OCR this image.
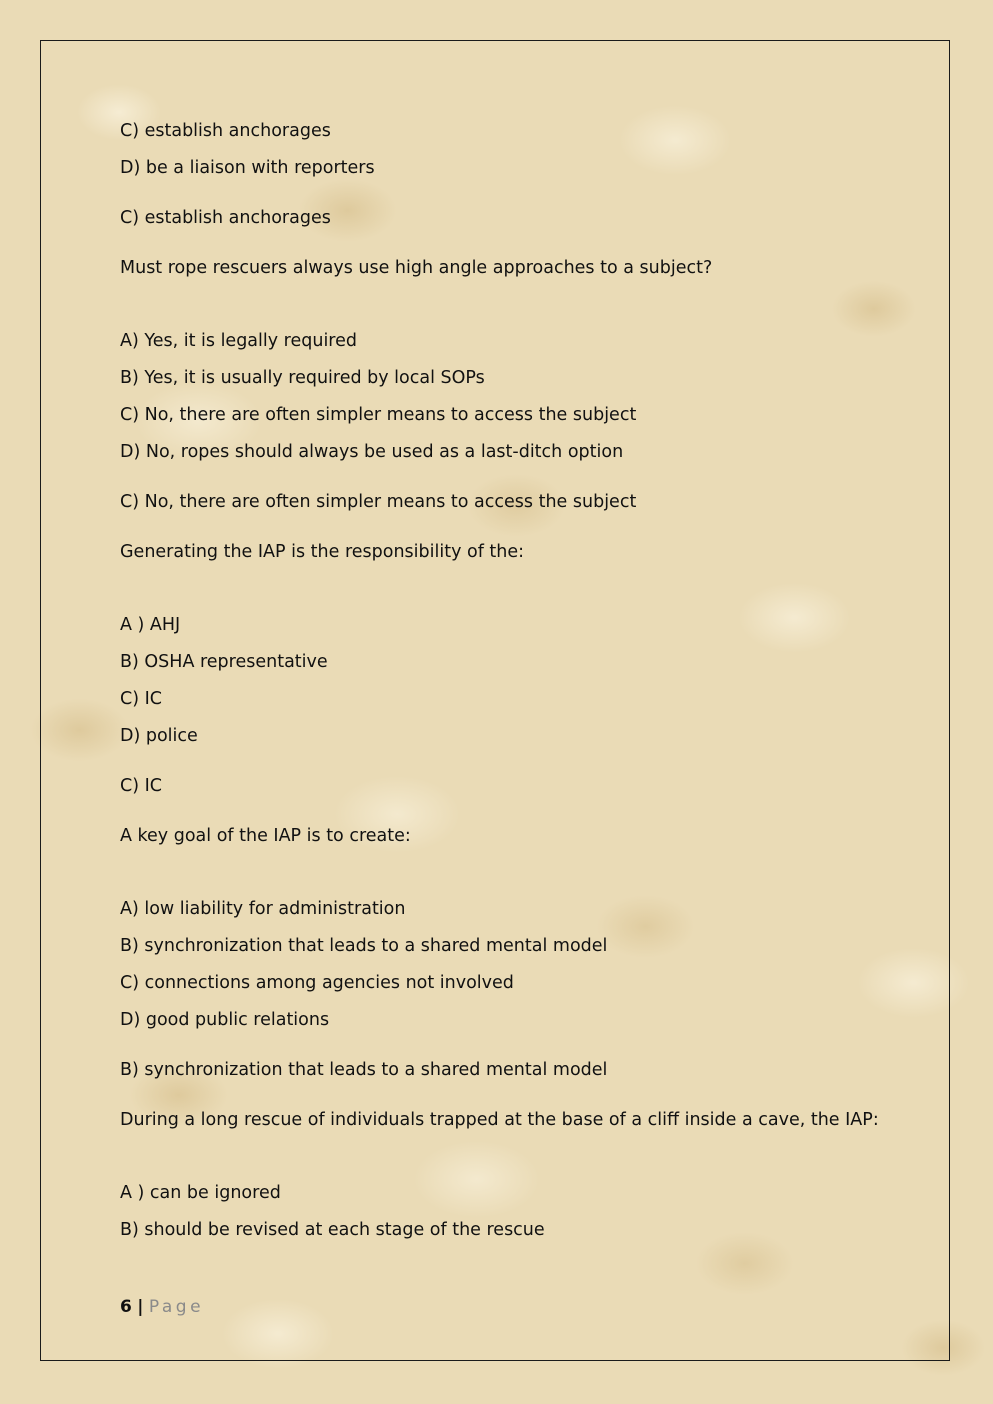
C) establish anchorages
D) be a liaison with reporters
C) establish anchorages
Must rope rescuers always use high angle approaches to a subject?
A) Yes, it is legally required
B) Yes, it is usually required by local SOPs
C) No, there are often simpler means to access the subject
D) No, ropes should always be used as a last-ditch option
C) No, there are often simpler means to access the subject
Generating the IAP is the responsibility of the:
A ) AHJ
B) OSHA representative
C) IC
D) police
C) IC
A key goal of the IAP is to create:
A) low liability for administration
B) synchronization that leads to a shared mental model
C) connections among agencies not involved
D) good public relations
B) synchronization that leads to a shared mental model
During a long rescue of individuals trapped at the base of a cliff inside a cave, the IAP:
A ) can be ignored
B) should be revised at each stage of the rescue
6 | Page
